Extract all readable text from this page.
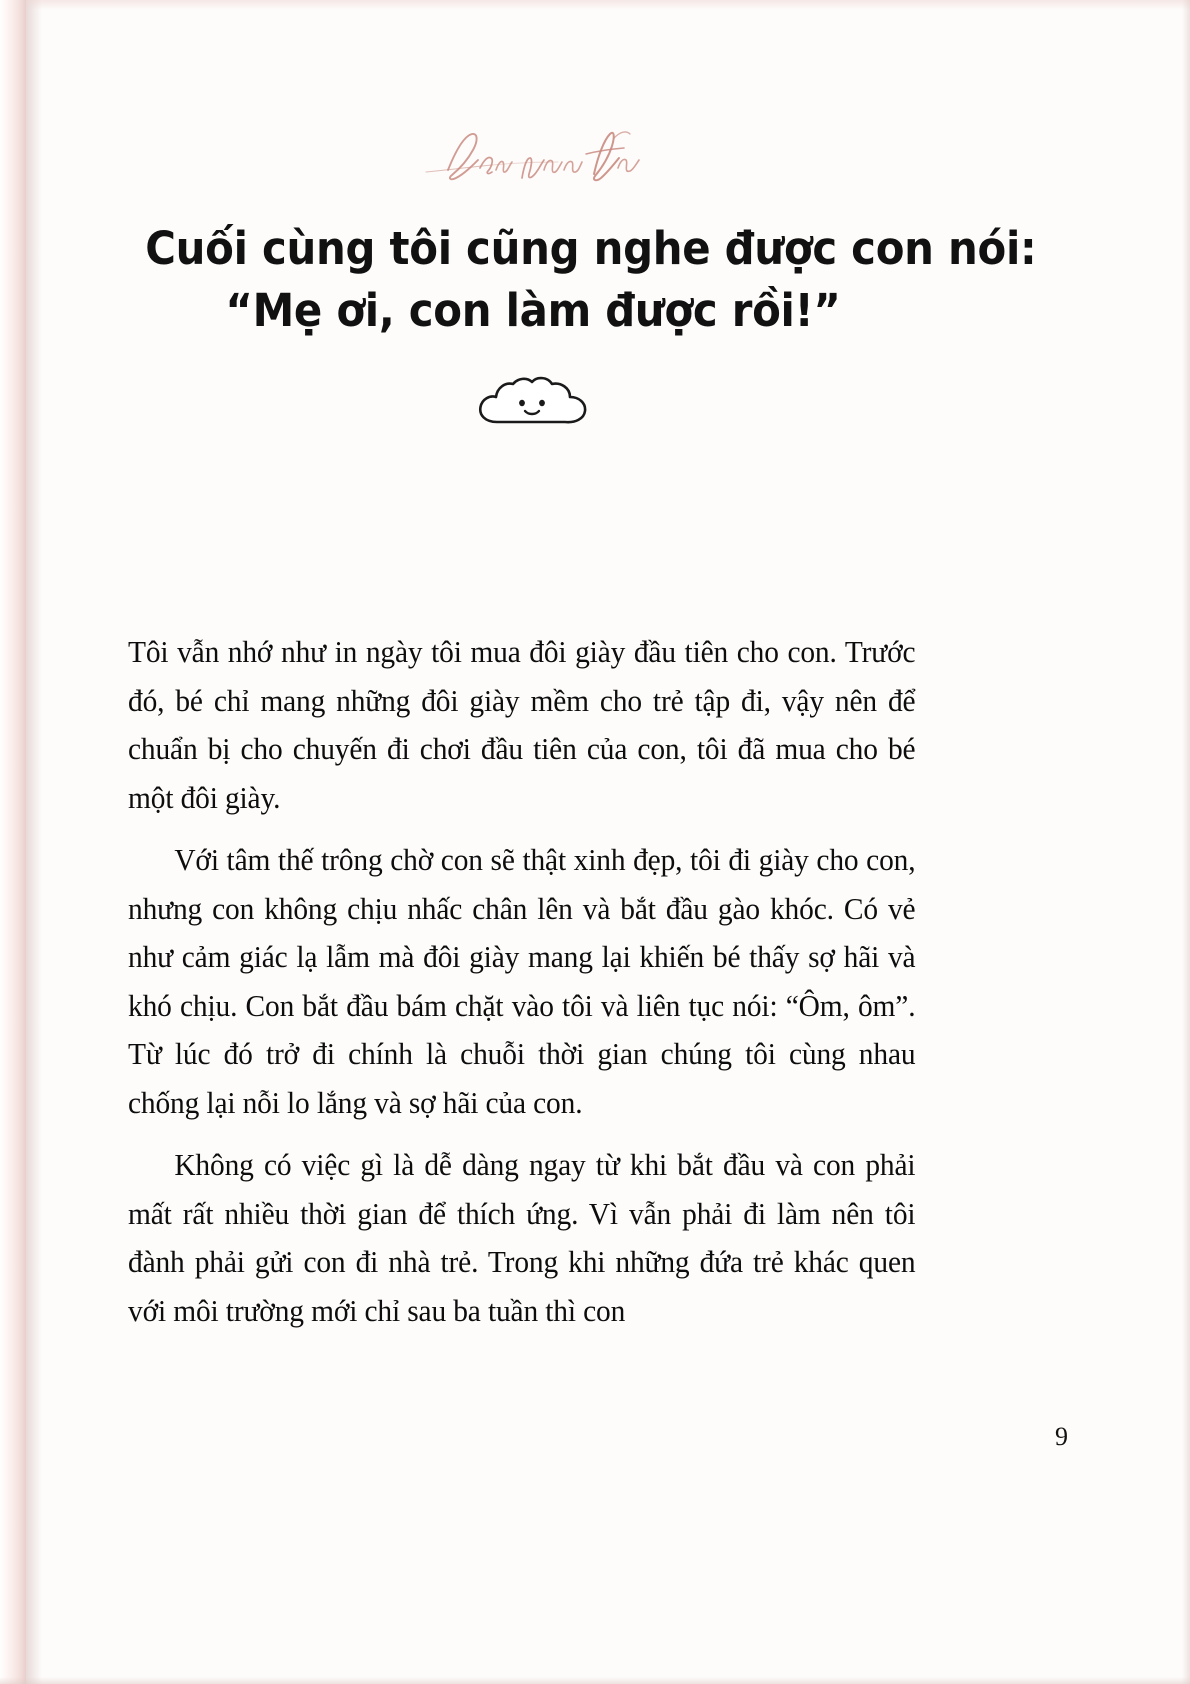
Cuối cùng tôi cũng nghe được con nói:
“Mẹ ơi, con làm được rồi!”

Tôi vẫn nhớ như in ngày tôi mua đôi giày đầu tiên cho con. Trước đó, bé chỉ mang những đôi giày mềm cho trẻ tập đi, vậy nên để chuẩn bị cho chuyến đi chơi đầu tiên của con, tôi đã mua cho bé một đôi giày.

Với tâm thế trông chờ con sẽ thật xinh đẹp, tôi đi giày cho con, nhưng con không chịu nhấc chân lên và bắt đầu gào khóc. Có vẻ như cảm giác lạ lẫm mà đôi giày mang lại khiến bé thấy sợ hãi và khó chịu. Con bắt đầu bám chặt vào tôi và liên tục nói: “Ôm, ôm”. Từ lúc đó trở đi chính là chuỗi thời gian chúng tôi cùng nhau chống lại nỗi lo lắng và sợ hãi của con.

Không có việc gì là dễ dàng ngay từ khi bắt đầu và con phải mất rất nhiều thời gian để thích ứng. Vì vẫn phải đi làm nên tôi đành phải gửi con đi nhà trẻ. Trong khi những đứa trẻ khác quen với môi trường mới chỉ sau ba tuần thì con

9
